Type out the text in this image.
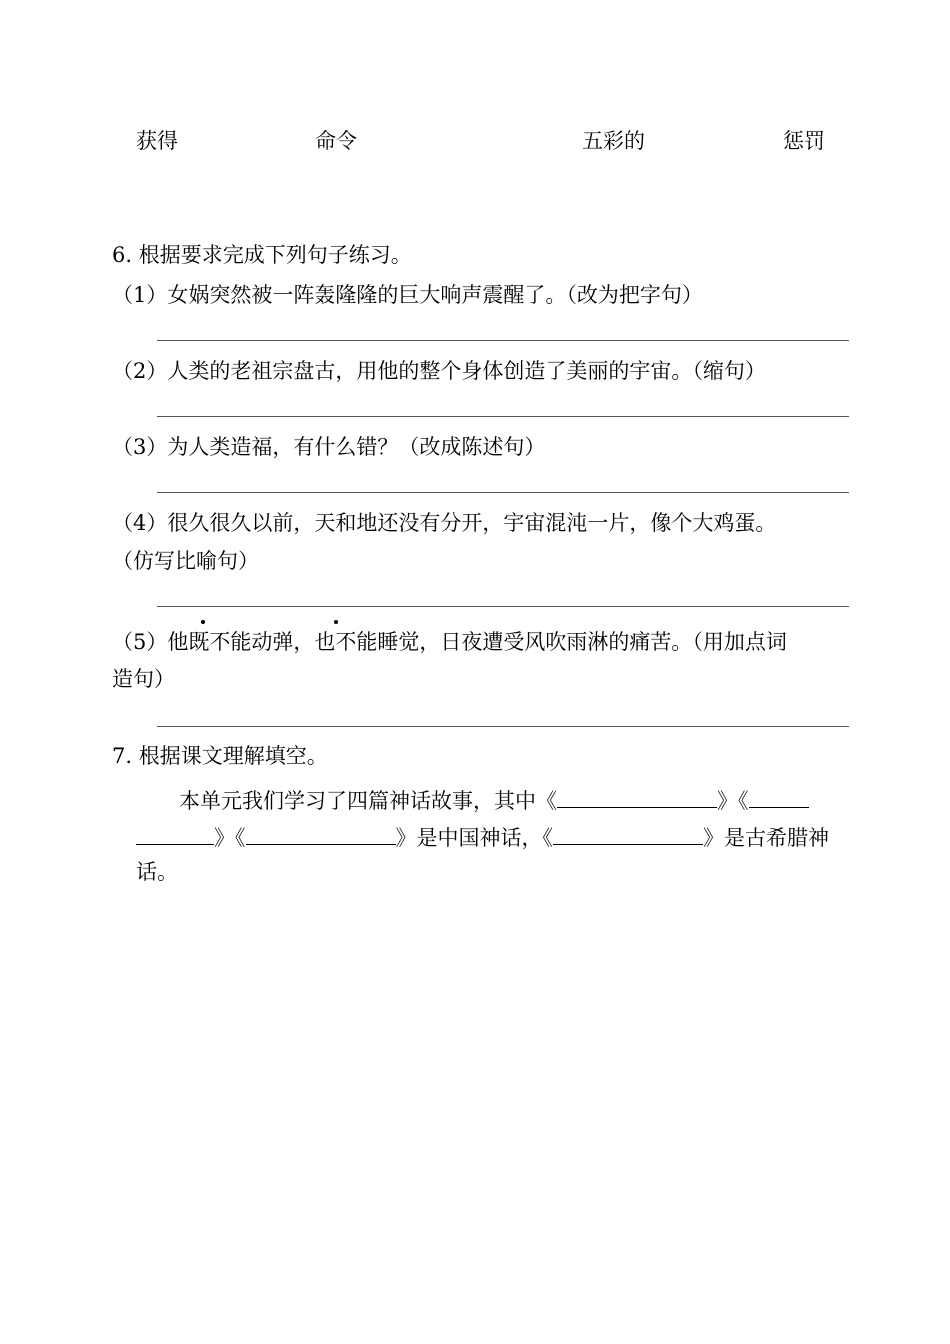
获得	命令	五彩的	惩罚
6. 根据要求完成下列句子练习。
（1）女娲突然被一阵轰隆隆的巨大响声震醒了。（改为把字句）
（2）人类的老祖宗盘古，用他的整个身体创造了美丽的宇宙。（缩句）
（3）为人类造福，有什么错？（改成陈述句）
（4）很久很久以前，天和地还没有分开，宇宙混沌一片，像个大鸡蛋。
（仿写比喻句）
（5）他既不能动弹，也不能睡觉，日夜遭受风吹雨淋的痛苦。（用加点词
造句）
7. 根据课文理解填空。
本单元我们学习了四篇神话故事，其中《	》《
》《	》是中国神话，《	》是古希腊神
话。
